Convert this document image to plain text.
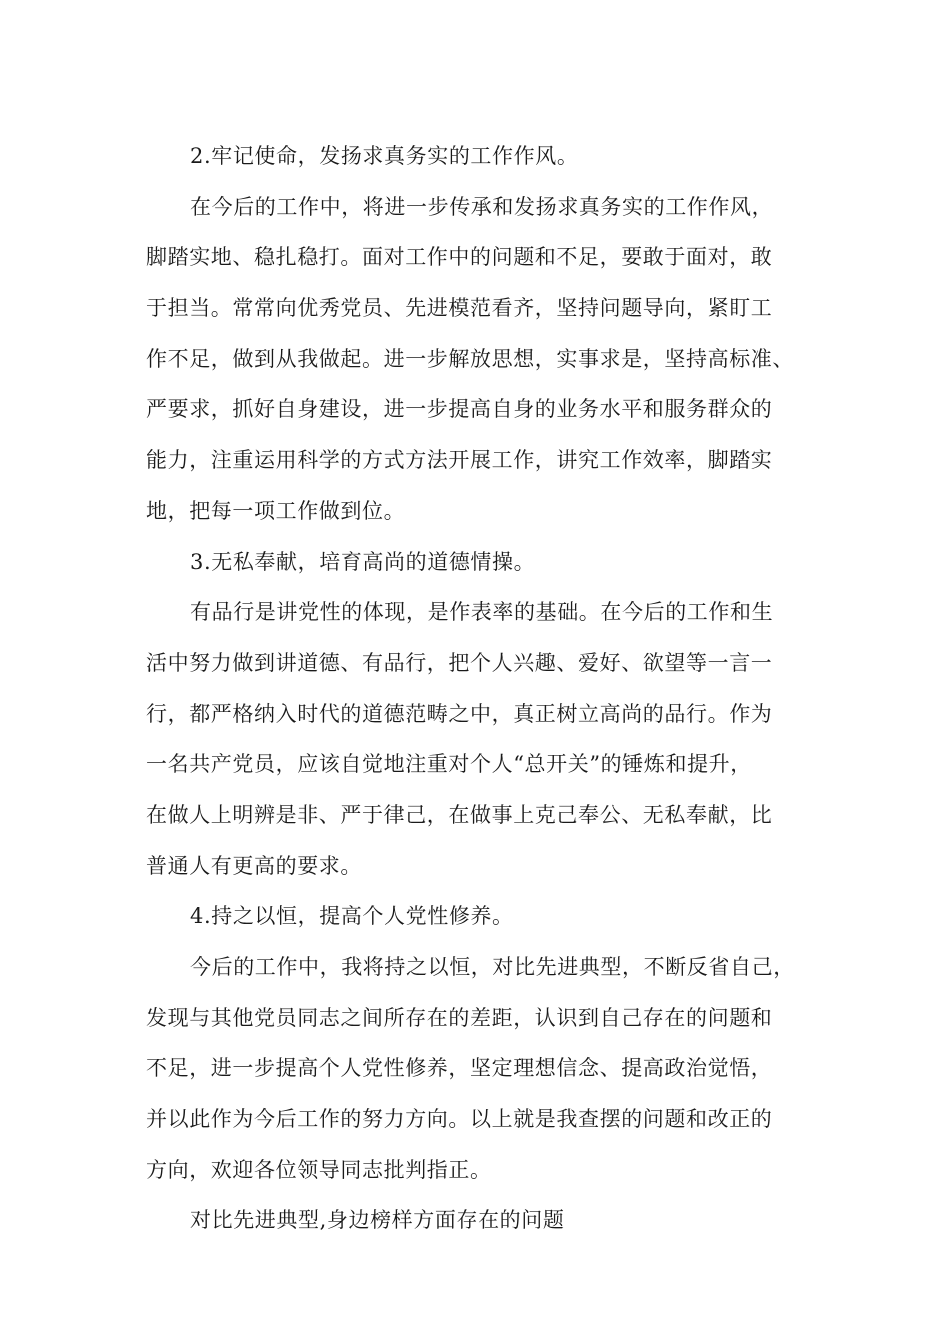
2.牢记使命，发扬求真务实的工作作风。
在今后的工作中，将进一步传承和发扬求真务实的工作作风，
脚踏实地、稳扎稳打。面对工作中的问题和不足，要敢于面对，敢
于担当。常常向优秀党员、先进模范看齐，坚持问题导向，紧盯工
作不足，做到从我做起。进一步解放思想，实事求是，坚持高标准、
严要求，抓好自身建设，进一步提高自身的业务水平和服务群众的
能力，注重运用科学的方式方法开展工作，讲究工作效率，脚踏实
地，把每一项工作做到位。
3.无私奉献，培育高尚的道德情操。
有品行是讲党性的体现，是作表率的基础。在今后的工作和生
活中努力做到讲道德、有品行，把个人兴趣、爱好、欲望等一言一
行，都严格纳入时代的道德范畴之中，真正树立高尚的品行。作为
一名共产党员，应该自觉地注重对个人“总开关”的锤炼和提升，
在做人上明辨是非、严于律己，在做事上克己奉公、无私奉献，比
普通人有更高的要求。
4.持之以恒，提高个人党性修养。
今后的工作中，我将持之以恒，对比先进典型，不断反省自己，
发现与其他党员同志之间所存在的差距，认识到自己存在的问题和
不足，进一步提高个人党性修养，坚定理想信念、提高政治觉悟，
并以此作为今后工作的努力方向。以上就是我查摆的问题和改正的
方向，欢迎各位领导同志批判指正。
对比先进典型,身边榜样方面存在的问题
